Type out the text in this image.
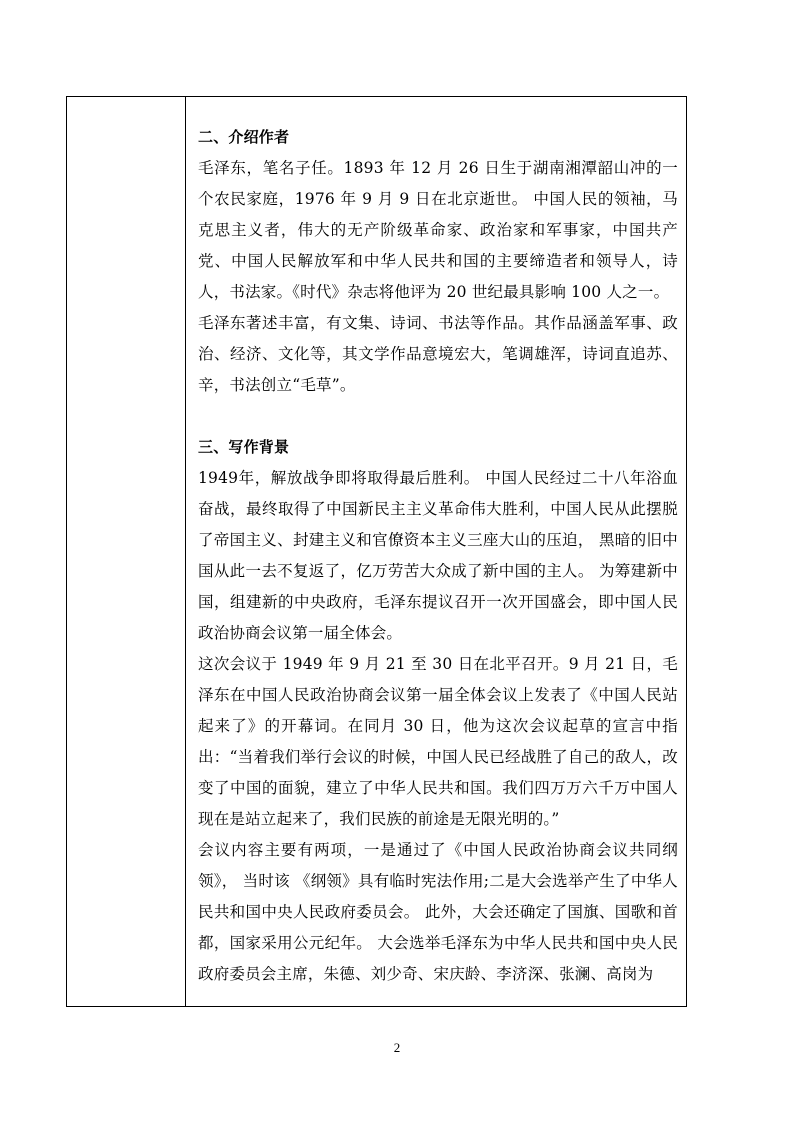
二、介绍作者

毛泽东，笔名子任。1893 年 12 月 26 日生于湖南湘潭韶山冲的一个农民家庭，1976 年 9 月 9 日在北京逝世。 中国人民的领袖，马克思主义者，伟大的无产阶级革命家、政治家和军事家，中国共产党、中国人民解放军和中华人民共和国的主要缔造者和领导人，诗人，书法家。《时代》杂志将他评为 20 世纪最具影响 100 人之一。

毛泽东著述丰富，有文集、诗词、书法等作品。其作品涵盖军事、政治、经济、文化等，其文学作品意境宏大，笔调雄浑，诗词直追苏、辛，书法创立“毛草”。

三、写作背景

1949年，解放战争即将取得最后胜利。 中国人民经过二十八年浴血奋战，最终取得了中国新民主主义革命伟大胜利，中国人民从此摆脱了帝国主义、封建主义和官僚资本主义三座大山的压迫， 黑暗的旧中国从此一去不复返了，亿万劳苦大众成了新中国的主人。 为筹建新中国，组建新的中央政府，毛泽东提议召开一次开国盛会，即中国人民政治协商会议第一届全体会。

这次会议于 1949 年 9 月 21 至 30 日在北平召开。9 月 21 日，毛泽东在中国人民政治协商会议第一届全体会议上发表了《中国人民站起来了》的开幕词。在同月 30 日，他为这次会议起草的宣言中指出：“当着我们举行会议的时候，中国人民已经战胜了自己的敌人，改变了中国的面貌，建立了中华人民共和国。我们四万万六千万中国人现在是站立起来了，我们民族的前途是无限光明的。”

会议内容主要有两项，一是通过了《中国人民政治协商会议共同纲领》， 当时该 《纲领》具有临时宪法作用;二是大会选举产生了中华人民共和国中央人民政府委员会。 此外，大会还确定了国旗、国歌和首都，国家采用公元纪年。 大会选举毛泽东为中华人民共和国中央人民政府委员会主席，朱德、刘少奇、宋庆龄、李济深、张澜、高岗为

2
